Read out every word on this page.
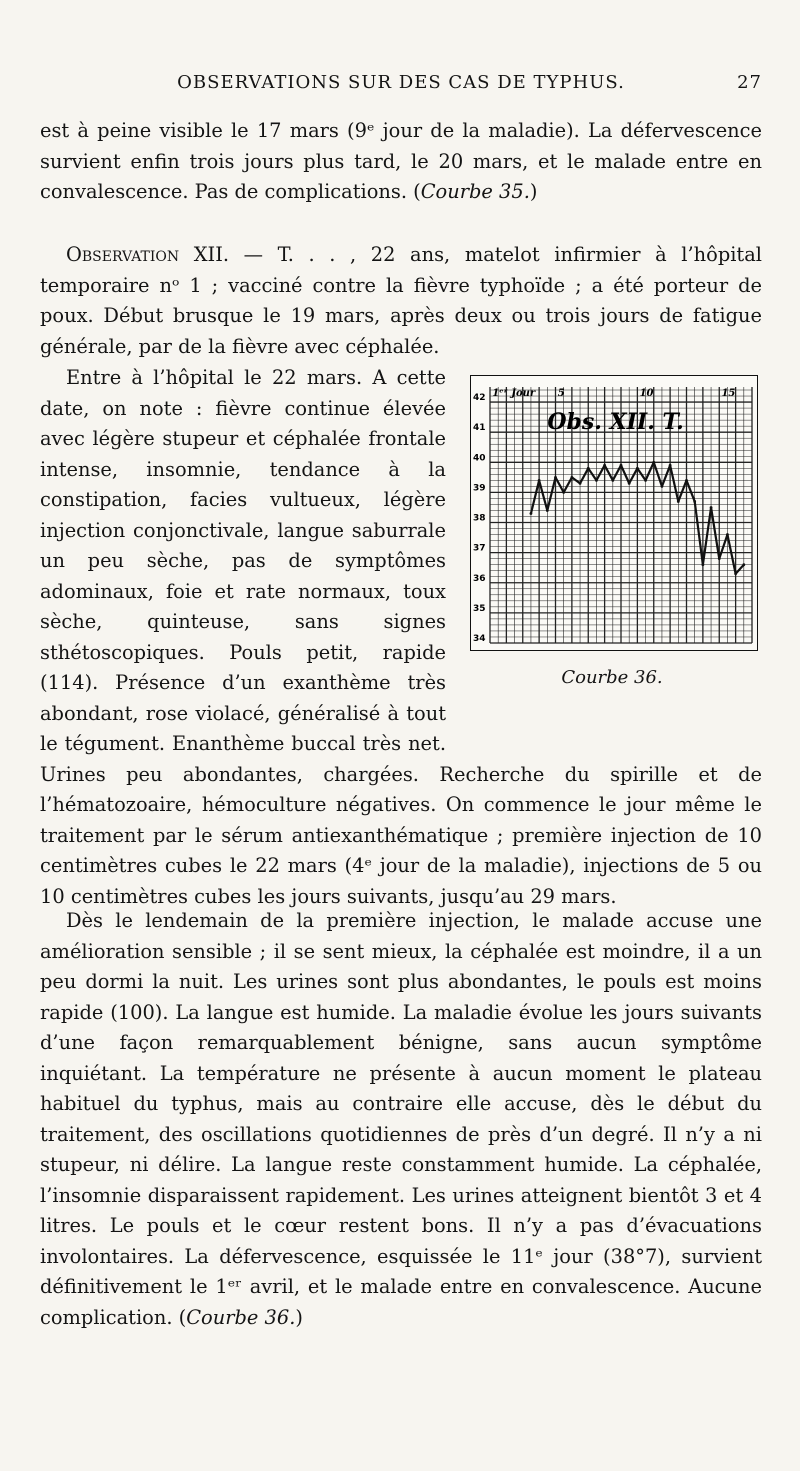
OBSERVATIONS SUR DES CAS DE TYPHUS.	27

est à peine visible le 17 mars (9ᵉ jour de la maladie). La défervescence survient enfin trois jours plus tard, le 20 mars, et le malade entre en convalescence. Pas de complications. (Courbe 35.)

Observation XII. — T. . . , 22 ans, matelot infirmier à l’hôpital temporaire nᵒ 1 ; vacciné contre la fièvre typhoïde ; a été porteur de poux. Début brusque le 19 mars, après deux ou trois jours de fatigue générale, par de la fièvre avec céphalée.

42
41
40
39
38
37
36
35
34
1ᵉʳ Jour 5	10	15
Obs. XII. T.
Courbe 36.
Entre à l’hôpital le 22 mars. A cette date, on note : fièvre continue élevée avec légère stupeur et céphalée frontale intense, insomnie, tendance à la constipation, facies vultueux, légère injection conjonctivale, langue saburrale un peu sèche, pas de symptômes adominaux, foie et rate normaux, toux sèche, quinteuse, sans signes sthétoscopiques. Pouls petit, rapide (114). Présence d’un exanthème très abondant, rose violacé, généralisé à tout le tégument. Enanthème buccal très net. Urines peu abondantes, chargées. Recherche du spirille et de l’hématozoaire, hémoculture négatives. On commence le jour même le traitement par le sérum antiexanthématique ; première injection de 10 centimètres cubes le 22 mars (4ᵉ jour de la maladie), injections de 5 ou 10 centimètres cubes les jours suivants, jusqu’au 29 mars.

Dès le lendemain de la première injection, le malade accuse une amélioration sensible ; il se sent mieux, la céphalée est moindre, il a un peu dormi la nuit. Les urines sont plus abondantes, le pouls est moins rapide (100). La langue est humide. La maladie évolue les jours suivants d’une façon remarquablement bénigne, sans aucun symptôme inquiétant. La température ne présente à aucun moment le plateau habituel du typhus, mais au contraire elle accuse, dès le début du traitement, des oscillations quotidiennes de près d’un degré. Il n’y a ni stupeur, ni délire. La langue reste constamment humide. La céphalée, l’insomnie disparaissent rapidement. Les urines atteignent bientôt 3 et 4 litres. Le pouls et le cœur restent bons. Il n’y a pas d’évacuations involontaires. La défervescence, esquissée le 11ᵉ jour (38°7), survient définitivement le 1ᵉʳ avril, et le malade entre en convalescence. Aucune complication. (Courbe 36.)
